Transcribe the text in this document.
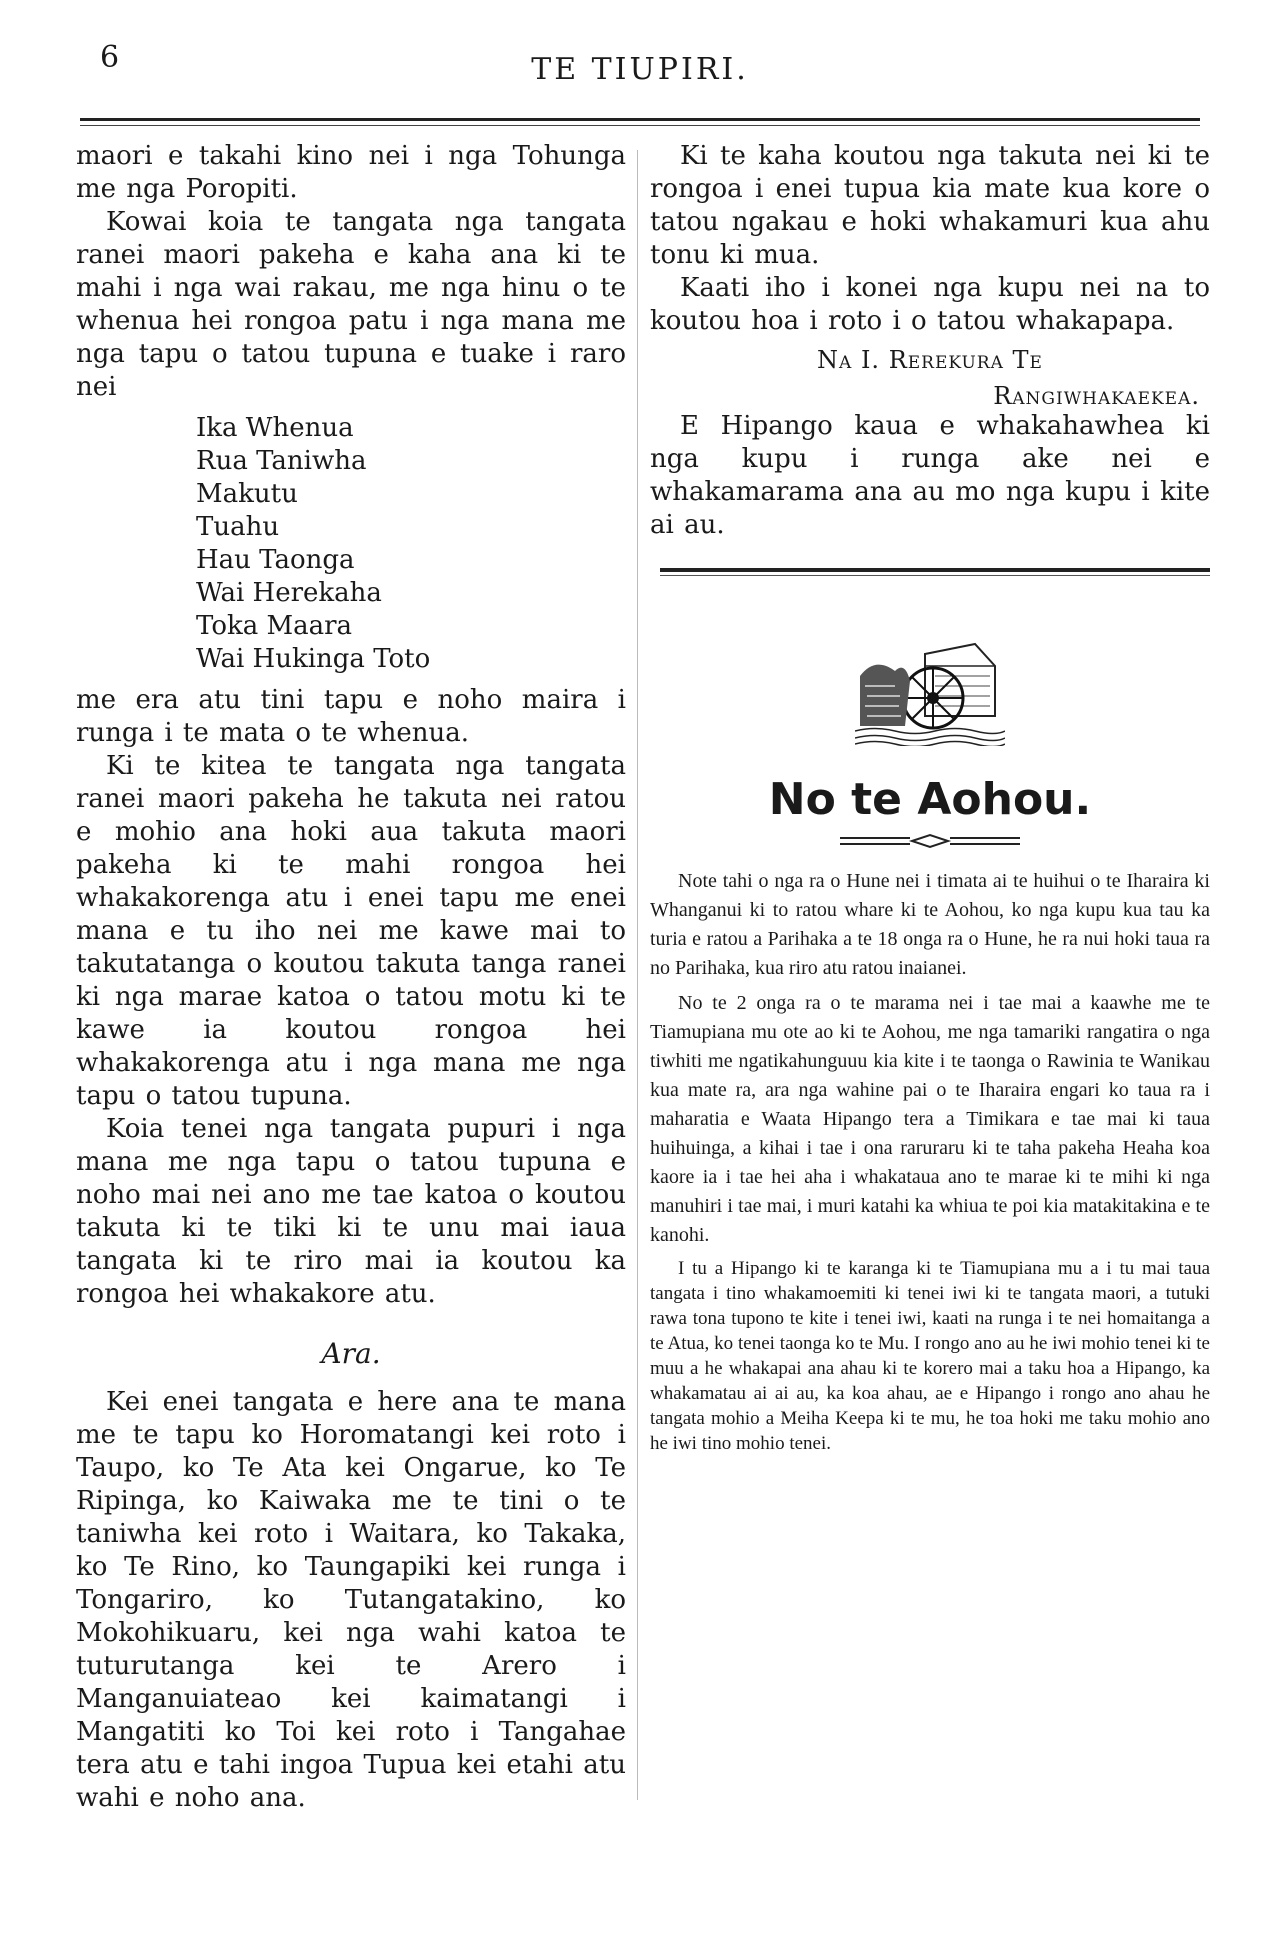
6	TE TIUPIRI.

maori e takahi kino nei i nga Tohunga me nga Poropiti.

Kowai koia te tangata nga tangata ranei maori pakeha e kaha ana ki te mahi i nga wai rakau, me nga hinu o te whenua hei rongoa patu i nga mana me nga tapu o tatou tupuna e tuake i raro nei

Ika Whenua
Rua Taniwha
Makutu
Tuahu
Hau Taonga
Wai Herekaha
Toka Maara
Wai Hukinga Toto

me era atu tini tapu e noho maira i runga i te mata o te whenua.

Ki te kitea te tangata nga tangata ranei maori pakeha he takuta nei ratou e mohio ana hoki aua takuta maori pakeha ki te mahi rongoa hei whakakorenga atu i enei tapu me enei mana e tu iho nei me kawe mai to takutatanga o koutou takuta tanga ranei ki nga marae katoa o tatou motu ki te kawe ia koutou rongoa hei whakakorenga atu i nga mana me nga tapu o tatou tupuna.

Koia tenei nga tangata pupuri i nga mana me nga tapu o tatou tupuna e noho mai nei ano me tae katoa o koutou takuta ki te tiki ki te unu mai iaua tangata ki te riro mai ia koutou ka rongoa hei whakakore atu.

Ara.

Kei enei tangata e here ana te mana me te tapu ko Horomatangi kei roto i Taupo, ko Te Ata kei Ongarue, ko Te Ripinga, ko Kaiwaka me te tini o te taniwha kei roto i Waitara, ko Takaka, ko Te Rino, ko Taungapiki kei runga i Tongariro, ko Tutangatakino, ko Mokohikuaru, kei nga wahi katoa te tuturutanga kei te Arero i Manganuiateao kei kaimatangi i Mangatiti ko Toi kei roto i Tangahae tera atu e tahi ingoa Tupua kei etahi atu wahi e noho ana.

Ki te kaha koutou nga takuta nei ki te rongoa i enei tupua kia mate kua kore o tatou ngakau e hoki whakamuri kua ahu tonu ki mua.

Kaati iho i konei nga kupu nei na to koutou hoa i roto i o tatou whakapapa.

Na I. Rerekura Te
Rangiwhakaekea.

E Hipango kaua e whakahawhea ki nga kupu i runga ake nei e whakamarama ana au mo nga kupu i kite ai au.

No te Aohou.

Note tahi o nga ra o Hune nei i timata ai te huihui o te Iharaira ki Whanganui ki to ratou whare ki te Aohou, ko nga kupu kua tau ka turia e ratou a Parihaka a te 18 onga ra o Hune, he ra nui hoki taua ra no Parihaka, kua riro atu ratou inaianei.

No te 2 onga ra o te marama nei i tae mai a kaawhe me te Tiamupiana mu ote ao ki te Aohou, me nga tamariki rangatira o nga tiwhiti me ngatikahunguuu kia kite i te taonga o Rawinia te Wanikau kua mate ra, ara nga wahine pai o te Iharaira engari ko taua ra i maharatia e Waata Hipango tera a Timikara e tae mai ki taua huihuinga, a kihai i tae i ona raruraru ki te taha pakeha Heaha koa kaore ia i tae hei aha i whakatauа ano te marae ki te mihi ki nga manuhiri i tae mai, i muri katahi ka whiua te poi kia matakitakina e te kanohi.

I tu a Hipango ki te karanga ki te Tiamupiana mu a i tu mai taua tangata i tino whakamoemiti ki tenei iwi ki te tangata maori, a tutuki rawa tona tupono te kite i tenei iwi, kaati na runga i te nei homaitanga a te Atua, ko tenei taonga ko te Mu. I rongo ano au he iwi mohio tenei ki te muu a he whakapai ana ahau ki te korero mai a taku hoa a Hipango, ka whakamatau ai ai au, ka koa ahau, ae e Hipango i rongo ano ahau he tangata mohio a Meiha Keepa ki te mu, he toa hoki me taku mohio ano he iwi tino mohio tenei.
